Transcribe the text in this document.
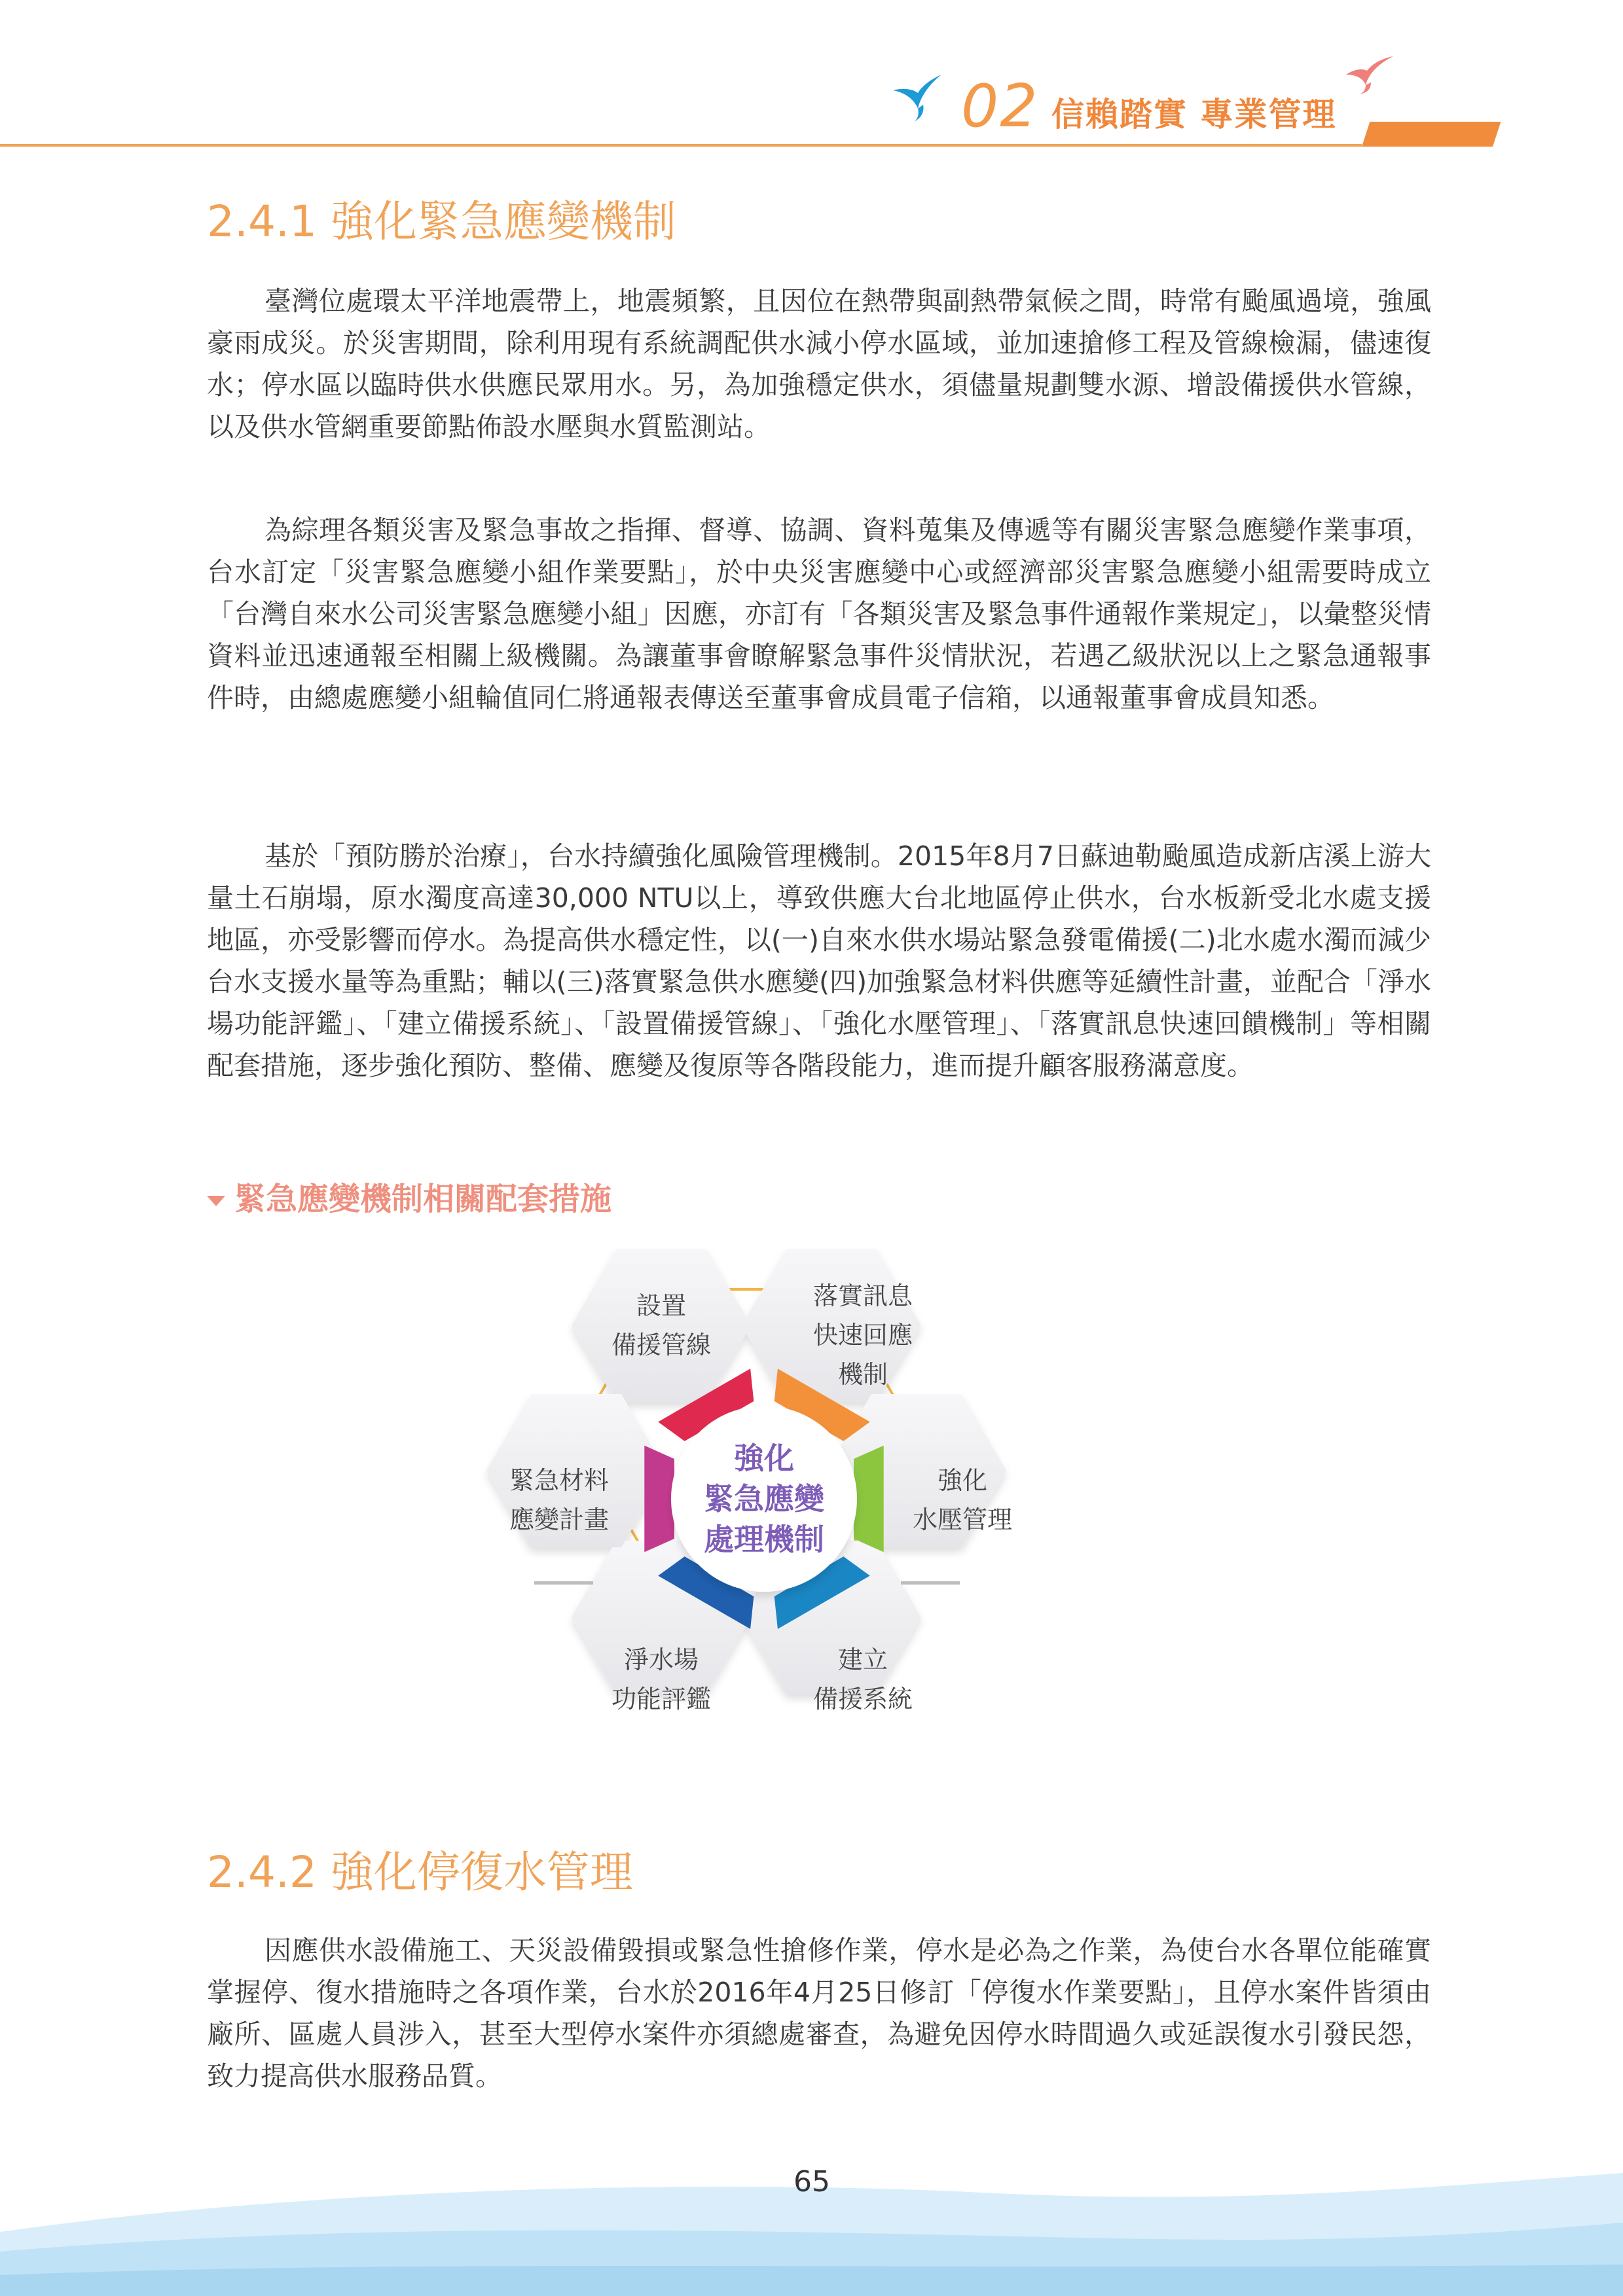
02 信賴踏實 專業管理
2.4.1 強化緊急應變機制
臺灣位處環太平洋地震帶上，地震頻繁，且因位在熱帶與副熱帶氣候之間，時常有颱風過境，強風豪雨成災。於災害期間，除利用現有系統調配供水減小停水區域，並加速搶修工程及管線檢漏，儘速復水；停水區以臨時供水供應民眾用水。另，為加強穩定供水，須儘量規劃雙水源、增設備援供水管線，以及供水管網重要節點佈設水壓與水質監測站。
為綜理各類災害及緊急事故之指揮、督導、協調、資料蒐集及傳遞等有關災害緊急應變作業事項，台水訂定「災害緊急應變小組作業要點」，於中央災害應變中心或經濟部災害緊急應變小組需要時成立「台灣自來水公司災害緊急應變小組」因應，亦訂有「各類災害及緊急事件通報作業規定」，以彙整災情資料並迅速通報至相關上級機關。為讓董事會瞭解緊急事件災情狀況，若遇乙級狀況以上之緊急通報事件時，由總處應變小組輪值同仁將通報表傳送至董事會成員電子信箱，以通報董事會成員知悉。
基於「預防勝於治療」，台水持續強化風險管理機制。2015年8月7日蘇迪勒颱風造成新店溪上游大量土石崩塌，原水濁度高達30,000 NTU以上，導致供應大台北地區停止供水，台水板新受北水處支援地區，亦受影響而停水。為提高供水穩定性，以(一)自來水供水場站緊急發電備援(二)北水處水濁而減少台水支援水量等為重點；輔以(三)落實緊急供水應變(四)加強緊急材料供應等延續性計畫，並配合「淨水場功能評鑑」、「建立備援系統」、「設置備援管線」、「強化水壓管理」、「落實訊息快速回饋機制」等相關配套措施，逐步強化預防、整備、應變及復原等各階段能力，進而提升顧客服務滿意度。
緊急應變機制相關配套措施
設置
備援管線
落實訊息
快速回應
機制
強化
水壓管理
建立
備援系統
淨水場
功能評鑑
緊急材料
應變計畫
強化
緊急應變
處理機制
2.4.2 強化停復水管理
因應供水設備施工、天災設備毀損或緊急性搶修作業，停水是必為之作業，為使台水各單位能確實掌握停、復水措施時之各項作業，台水於2016年4月25日修訂「停復水作業要點」，且停水案件皆須由廠所、區處人員涉入，甚至大型停水案件亦須總處審查，為避免因停水時間過久或延誤復水引發民怨，致力提高供水服務品質。
65
